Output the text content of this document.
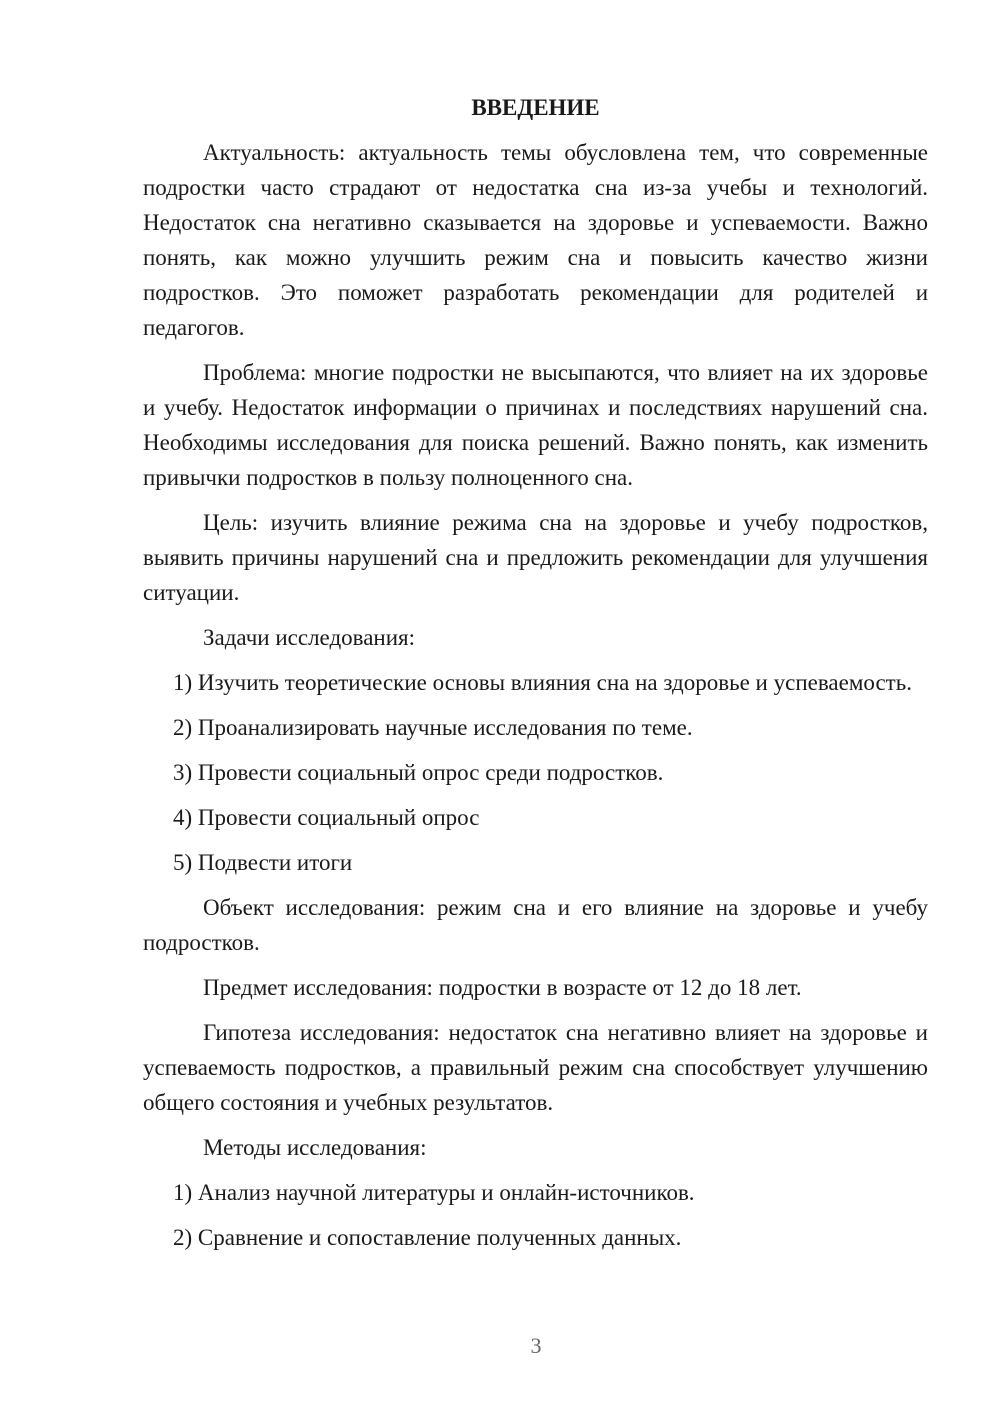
ВВЕДЕНИЕ

Актуальность: актуальность темы обусловлена тем, что современные подростки часто страдают от недостатка сна из-за учебы и технологий. Недостаток сна негативно сказывается на здоровье и успеваемости. Важно понять, как можно улучшить режим сна и повысить качество жизни подростков. Это поможет разработать рекомендации для родителей и педагогов.

Проблема: многие подростки не высыпаются, что влияет на их здоровье и учебу. Недостаток информации о причинах и последствиях нарушений сна. Необходимы исследования для поиска решений. Важно понять, как изменить привычки подростков в пользу полноценного сна.

Цель: изучить влияние режима сна на здоровье и учебу подростков, выявить причины нарушений сна и предложить рекомендации для улучшения ситуации.

Задачи исследования:

1) Изучить теоретические основы влияния сна на здоровье и успеваемость.

2) Проанализировать научные исследования по теме.

3) Провести социальный опрос среди подростков.

4) Провести социальный опрос

5) Подвести итоги

Объект исследования: режим сна и его влияние на здоровье и учебу подростков.

Предмет исследования: подростки в возрасте от 12 до 18 лет.

Гипотеза исследования: недостаток сна негативно влияет на здоровье и успеваемость подростков, а правильный режим сна способствует улучшению общего состояния и учебных результатов.

Методы исследования:

1) Анализ научной литературы и онлайн-источников.

2) Сравнение и сопоставление полученных данных.

3
